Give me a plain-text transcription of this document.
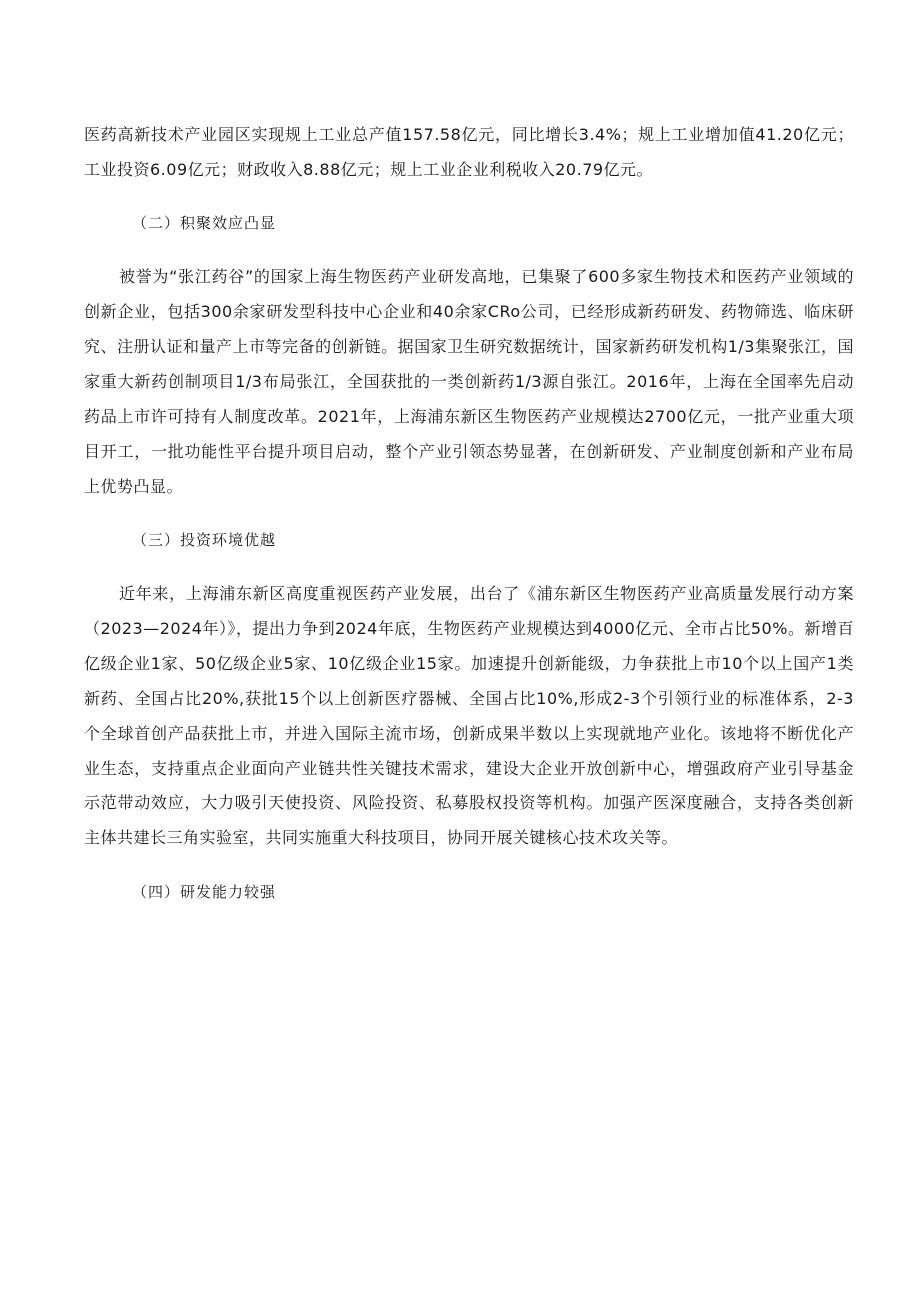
医药高新技术产业园区实现规上工业总产值157.58亿元，同比增长3.4%；规上工业增加值41.20亿元；工业投资6.09亿元；财政收入8.88亿元；规上工业企业利税收入20.79亿元。

（二）积聚效应凸显

被誉为“张江药谷”的国家上海生物医药产业研发高地，已集聚了600多家生物技术和医药产业领域的创新企业，包括300余家研发型科技中心企业和40余家CRo公司，已经形成新药研发、药物筛选、临床研究、注册认证和量产上市等完备的创新链。据国家卫生研究数据统计，国家新药研发机构1/3集聚张江，国家重大新药创制项目1/3布局张江，全国获批的一类创新药1/3源自张江。2016年，上海在全国率先启动药品上市许可持有人制度改革。2021年，上海浦东新区生物医药产业规模达2700亿元，一批产业重大项目开工，一批功能性平台提升项目启动，整个产业引领态势显著，在创新研发、产业制度创新和产业布局上优势凸显。

（三）投资环境优越

近年来，上海浦东新区高度重视医药产业发展，出台了《浦东新区生物医药产业高质量发展行动方案（2023—2024年）》，提出力争到2024年底，生物医药产业规模达到4000亿元、全市占比50%。新增百亿级企业1家、50亿级企业5家、10亿级企业15家。加速提升创新能级，力争获批上市10个以上国产1类新药、全国占比20%,获批15个以上创新医疗器械、全国占比10%,形成2-3个引领行业的标准体系，2-3个全球首创产品获批上市，并进入国际主流市场，创新成果半数以上实现就地产业化。该地将不断优化产业生态，支持重点企业面向产业链共性关键技术需求，建设大企业开放创新中心，增强政府产业引导基金示范带动效应，大力吸引天使投资、风险投资、私募股权投资等机构。加强产医深度融合，支持各类创新主体共建长三角实验室，共同实施重大科技项目，协同开展关键核心技术攻关等。

（四）研发能力较强
